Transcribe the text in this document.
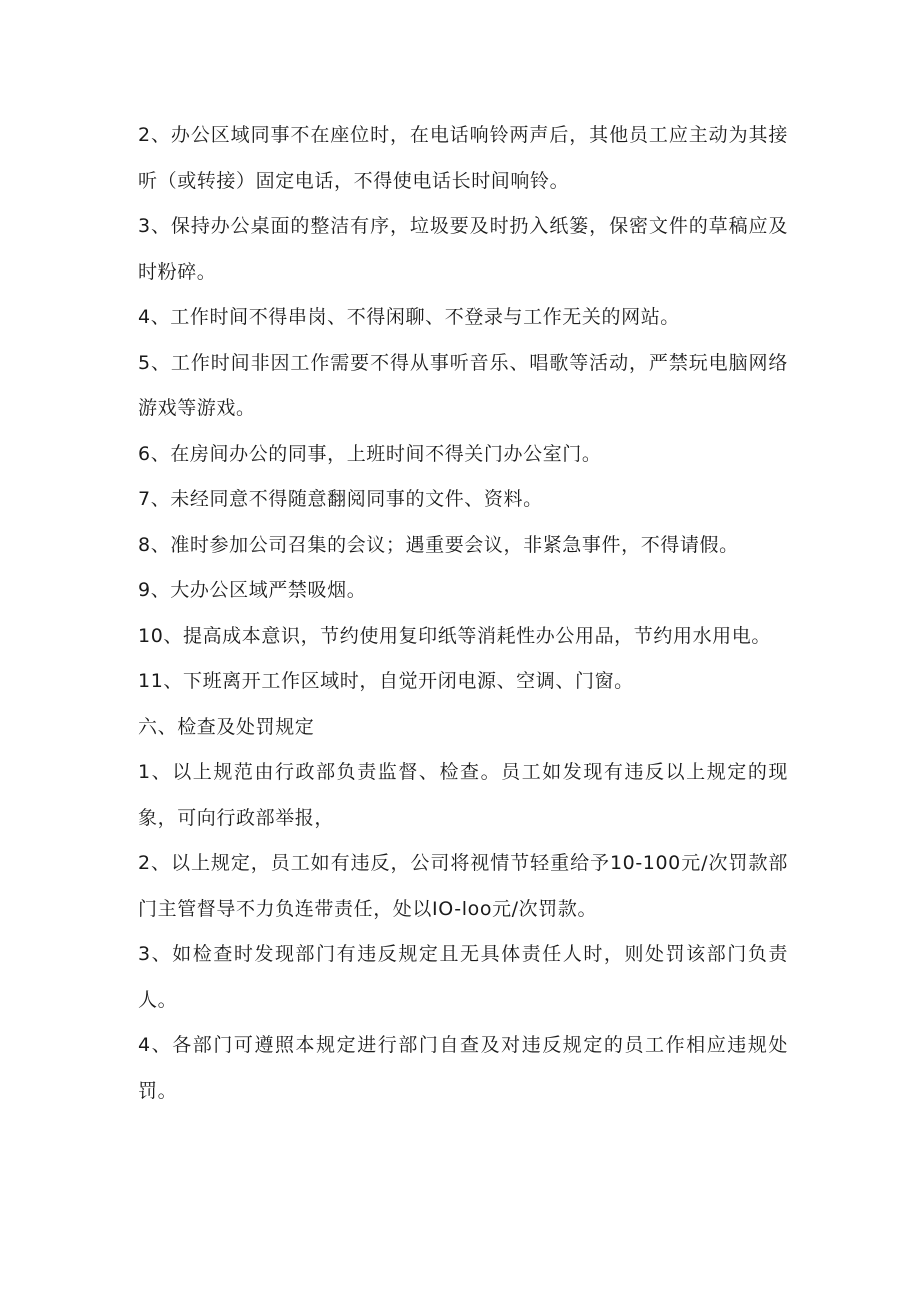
2、办公区域同事不在座位时，在电话响铃两声后，其他员工应主动为其接听（或转接）固定电话，不得使电话长时间响铃。

3、保持办公桌面的整洁有序，垃圾要及时扔入纸篓，保密文件的草稿应及时粉碎。

4、工作时间不得串岗、不得闲聊、不登录与工作无关的网站。

5、工作时间非因工作需要不得从事听音乐、唱歌等活动，严禁玩电脑网络游戏等游戏。

6、在房间办公的同事，上班时间不得关门办公室门。

7、未经同意不得随意翻阅同事的文件、资料。

8、准时参加公司召集的会议；遇重要会议，非紧急事件，不得请假。

9、大办公区域严禁吸烟。

10、提高成本意识，节约使用复印纸等消耗性办公用品，节约用水用电。

11、下班离开工作区域时，自觉开闭电源、空调、门窗。

六、检查及处罚规定

1、以上规范由行政部负责监督、检查。员工如发现有违反以上规定的现象，可向行政部举报，

2、以上规定，员工如有违反，公司将视情节轻重给予10-100元/次罚款部门主管督导不力负连带责任，处以IO-loo元/次罚款。

3、如检查时发现部门有违反规定且无具体责任人时，则处罚该部门负责人。

4、各部门可遵照本规定进行部门自查及对违反规定的员工作相应违规处罚。
